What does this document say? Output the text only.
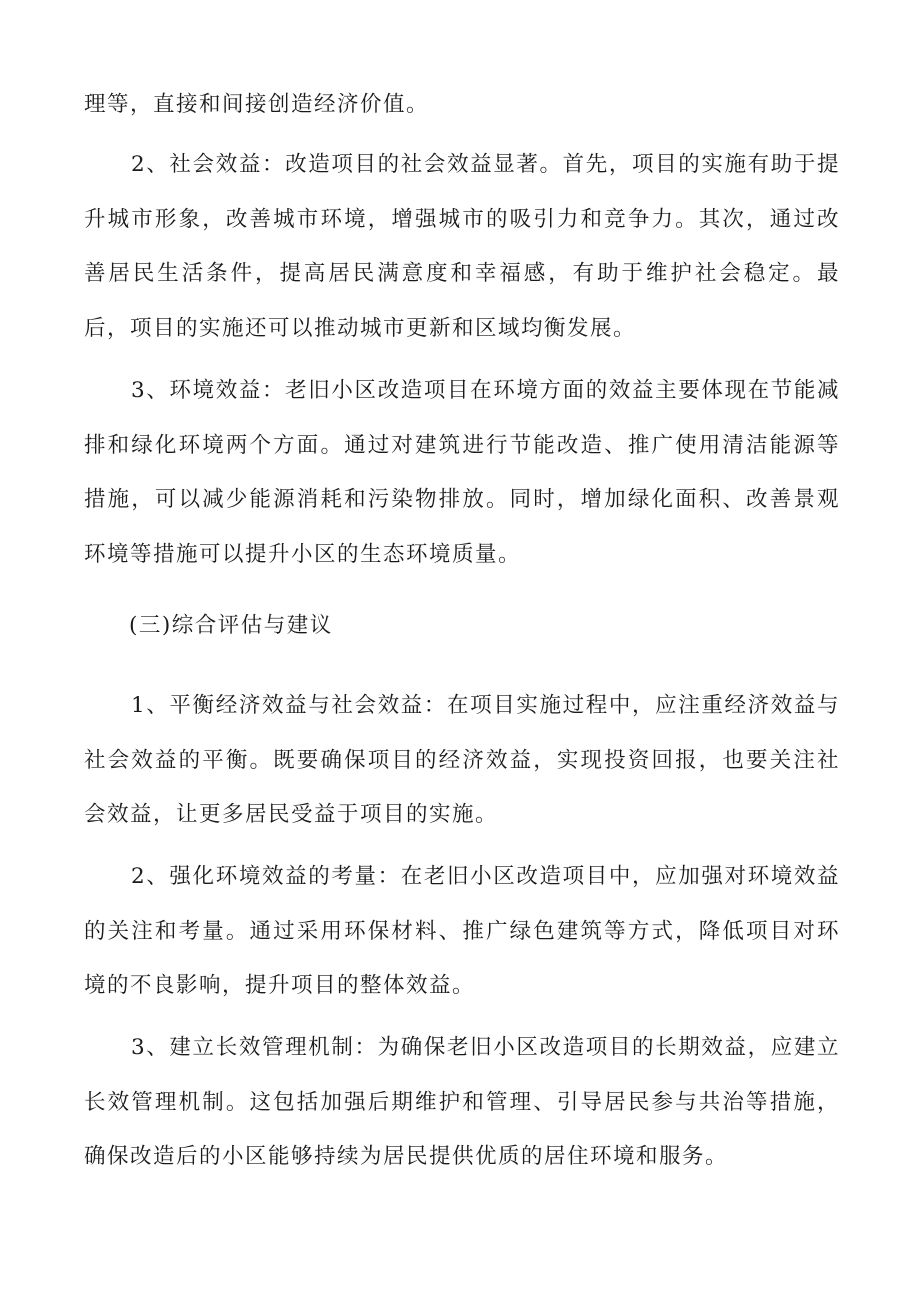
理等，直接和间接创造经济价值。

2、社会效益：改造项目的社会效益显著。首先，项目的实施有助于提升城市形象，改善城市环境，增强城市的吸引力和竞争力。其次，通过改善居民生活条件，提高居民满意度和幸福感，有助于维护社会稳定。最后，项目的实施还可以推动城市更新和区域均衡发展。

3、环境效益：老旧小区改造项目在环境方面的效益主要体现在节能减排和绿化环境两个方面。通过对建筑进行节能改造、推广使用清洁能源等措施，可以减少能源消耗和污染物排放。同时，增加绿化面积、改善景观环境等措施可以提升小区的生态环境质量。

(三)综合评估与建议

1、平衡经济效益与社会效益：在项目实施过程中，应注重经济效益与社会效益的平衡。既要确保项目的经济效益，实现投资回报，也要关注社会效益，让更多居民受益于项目的实施。

2、强化环境效益的考量：在老旧小区改造项目中，应加强对环境效益的关注和考量。通过采用环保材料、推广绿色建筑等方式，降低项目对环境的不良影响，提升项目的整体效益。

3、建立长效管理机制：为确保老旧小区改造项目的长期效益，应建立长效管理机制。这包括加强后期维护和管理、引导居民参与共治等措施，确保改造后的小区能够持续为居民提供优质的居住环境和服务。
